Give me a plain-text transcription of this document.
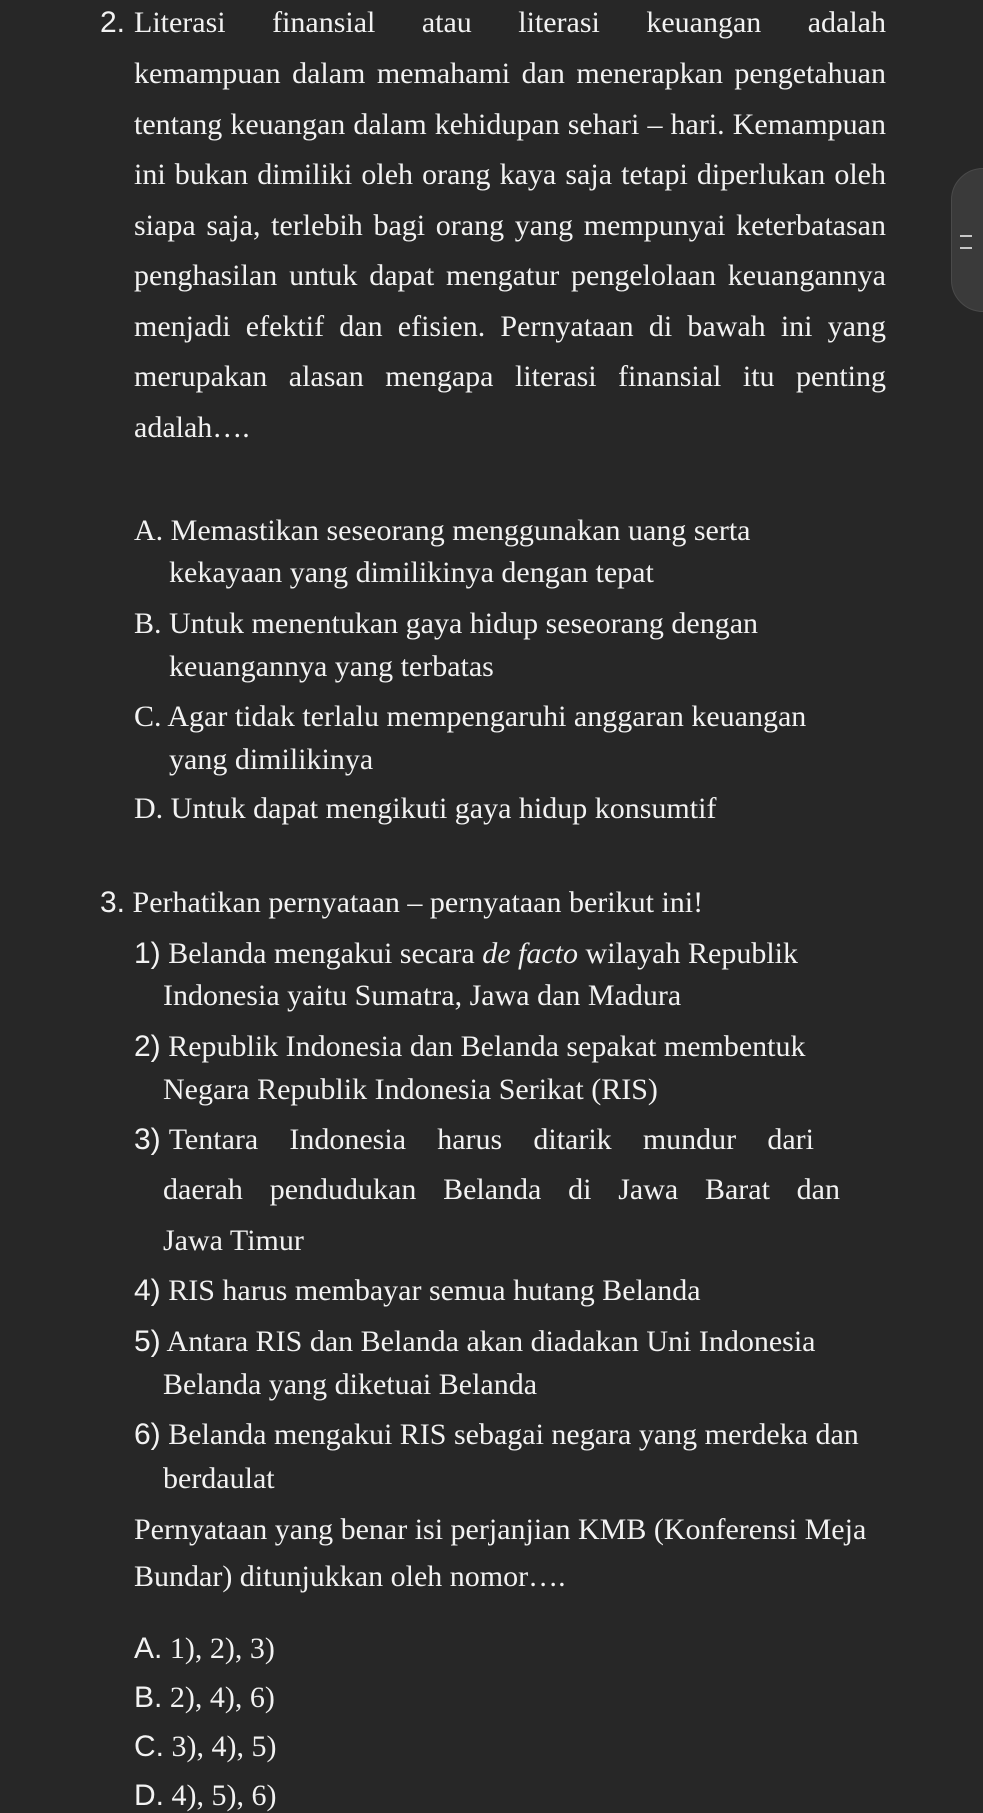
2. Literasi finansial atau literasi keuangan adalah

kemampuan dalam memahami dan menerapkan pengetahuan tentang keuangan dalam kehidupan sehari – hari. Kemampuan ini bukan dimiliki oleh orang kaya saja tetapi diperlukan oleh siapa saja, terlebih bagi orang yang mempunyai keterbatasan penghasilan untuk dapat mengatur pengelolaan keuangannya menjadi efektif dan efisien. Pernyataan di bawah ini yang merupakan alasan mengapa literasi finansial itu penting adalah….

A. Memastikan seseorang menggunakan uang serta
kekayaan yang dimilikinya dengan tepat
B. Untuk menentukan gaya hidup seseorang dengan
keuangannya yang terbatas
C. Agar tidak terlalu mempengaruhi anggaran keuangan
yang dimilikinya
D. Untuk dapat mengikuti gaya hidup konsumtif
3. Perhatikan pernyataan – pernyataan berikut ini!
1) Belanda mengakui secara de facto wilayah Republik
Indonesia yaitu Sumatra, Jawa dan Madura
2) Republik Indonesia dan Belanda sepakat membentuk
Negara Republik Indonesia Serikat (RIS)
3) Tentara Indonesia harus ditarik mundur dari
daerah pendudukan Belanda di Jawa Barat dan
Jawa Timur
4) RIS harus membayar semua hutang Belanda
5) Antara RIS dan Belanda akan diadakan Uni Indonesia
Belanda yang diketuai Belanda
6) Belanda mengakui RIS sebagai negara yang merdeka dan
berdaulat
Pernyataan yang benar isi perjanjian KMB (Konferensi Meja
Bundar) ditunjukkan oleh nomor….
A. 1), 2), 3)
B. 2), 4), 6)
C. 3), 4), 5)
D. 4), 5), 6)
